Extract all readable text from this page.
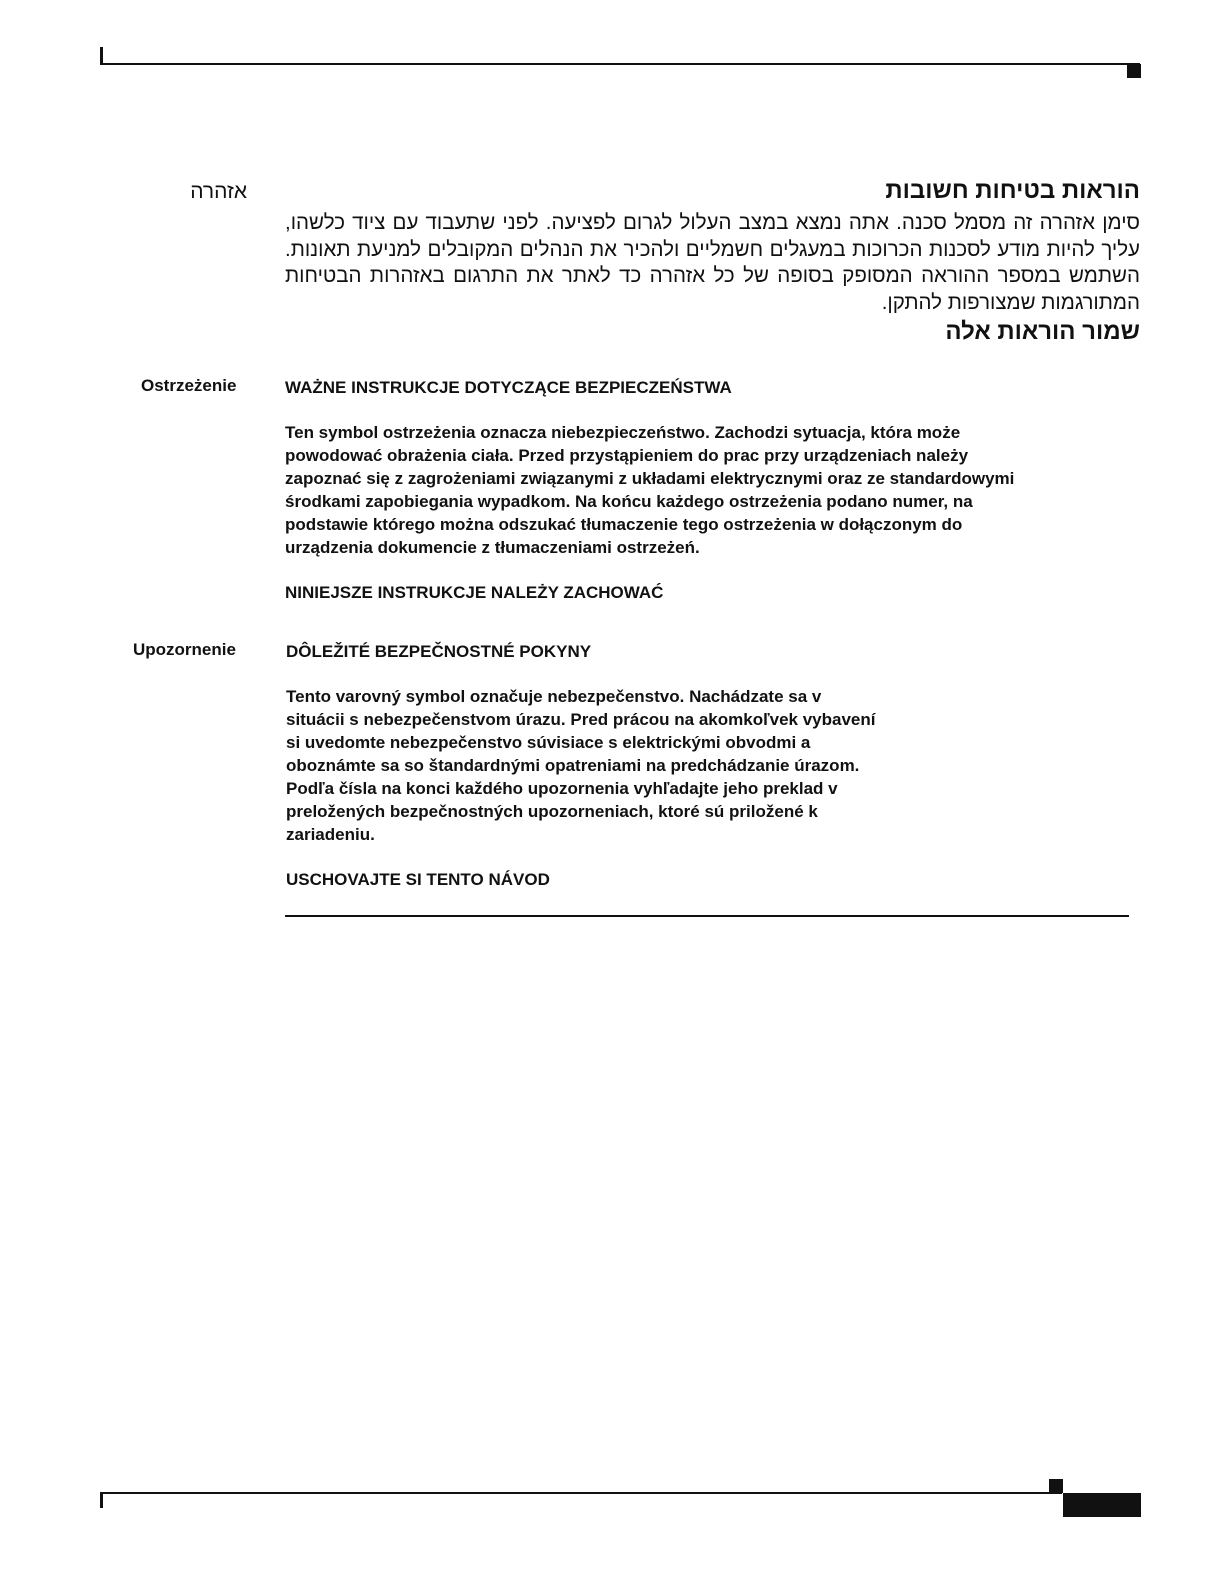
אזהרה	הוראות בטיחות חשובות

סימן אזהרה זה מסמל סכנה. אתה נמצא במצב העלול לגרום לפציעה. לפני שתעבוד עם ציוד כלשהו, עליך להיות מודע לסכנות הכרוכות במעגלים חשמליים ולהכיר את הנהלים המקובלים למניעת תאונות. השתמש במספר ההוראה המסופק בסופה של כל אזהרה כד לאתר את התרגום באזהרות הבטיחות המתורגמות שמצורפות להתקן.

שמור הוראות אלה

Ostrzeżenie	WAŻNE INSTRUKCJE DOTYCZĄCE BEZPIECZEŃSTWA

Ten symbol ostrzeżenia oznacza niebezpieczeństwo. Zachodzi sytuacja, która może
powodować obrażenia ciała. Przed przystąpieniem do prac przy urządzeniach należy
zapoznać się z zagrożeniami związanymi z układami elektrycznymi oraz ze standardowymi
środkami zapobiegania wypadkom. Na końcu każdego ostrzeżenia podano numer, na
podstawie którego można odszukać tłumaczenie tego ostrzeżenia w dołączonym do
urządzenia dokumencie z tłumaczeniami ostrzeżeń.

NINIEJSZE INSTRUKCJE NALEŻY ZACHOWAĆ

Upozornenie	DÔLEŽITÉ BEZPEČNOSTNÉ POKYNY

Tento varovný symbol označuje nebezpečenstvo. Nachádzate sa v
situácii s nebezpečenstvom úrazu. Pred prácou na akomkoľvek vybavení
si uvedomte nebezpečenstvo súvisiace s elektrickými obvodmi a
oboznámte sa so štandardnými opatreniami na predchádzanie úrazom.
Podľa čísla na konci každého upozornenia vyhľadajte jeho preklad v
preložených bezpečnostných upozorneniach, ktoré sú priložené k
zariadeniu.

USCHOVAJTE SI TENTO NÁVOD
